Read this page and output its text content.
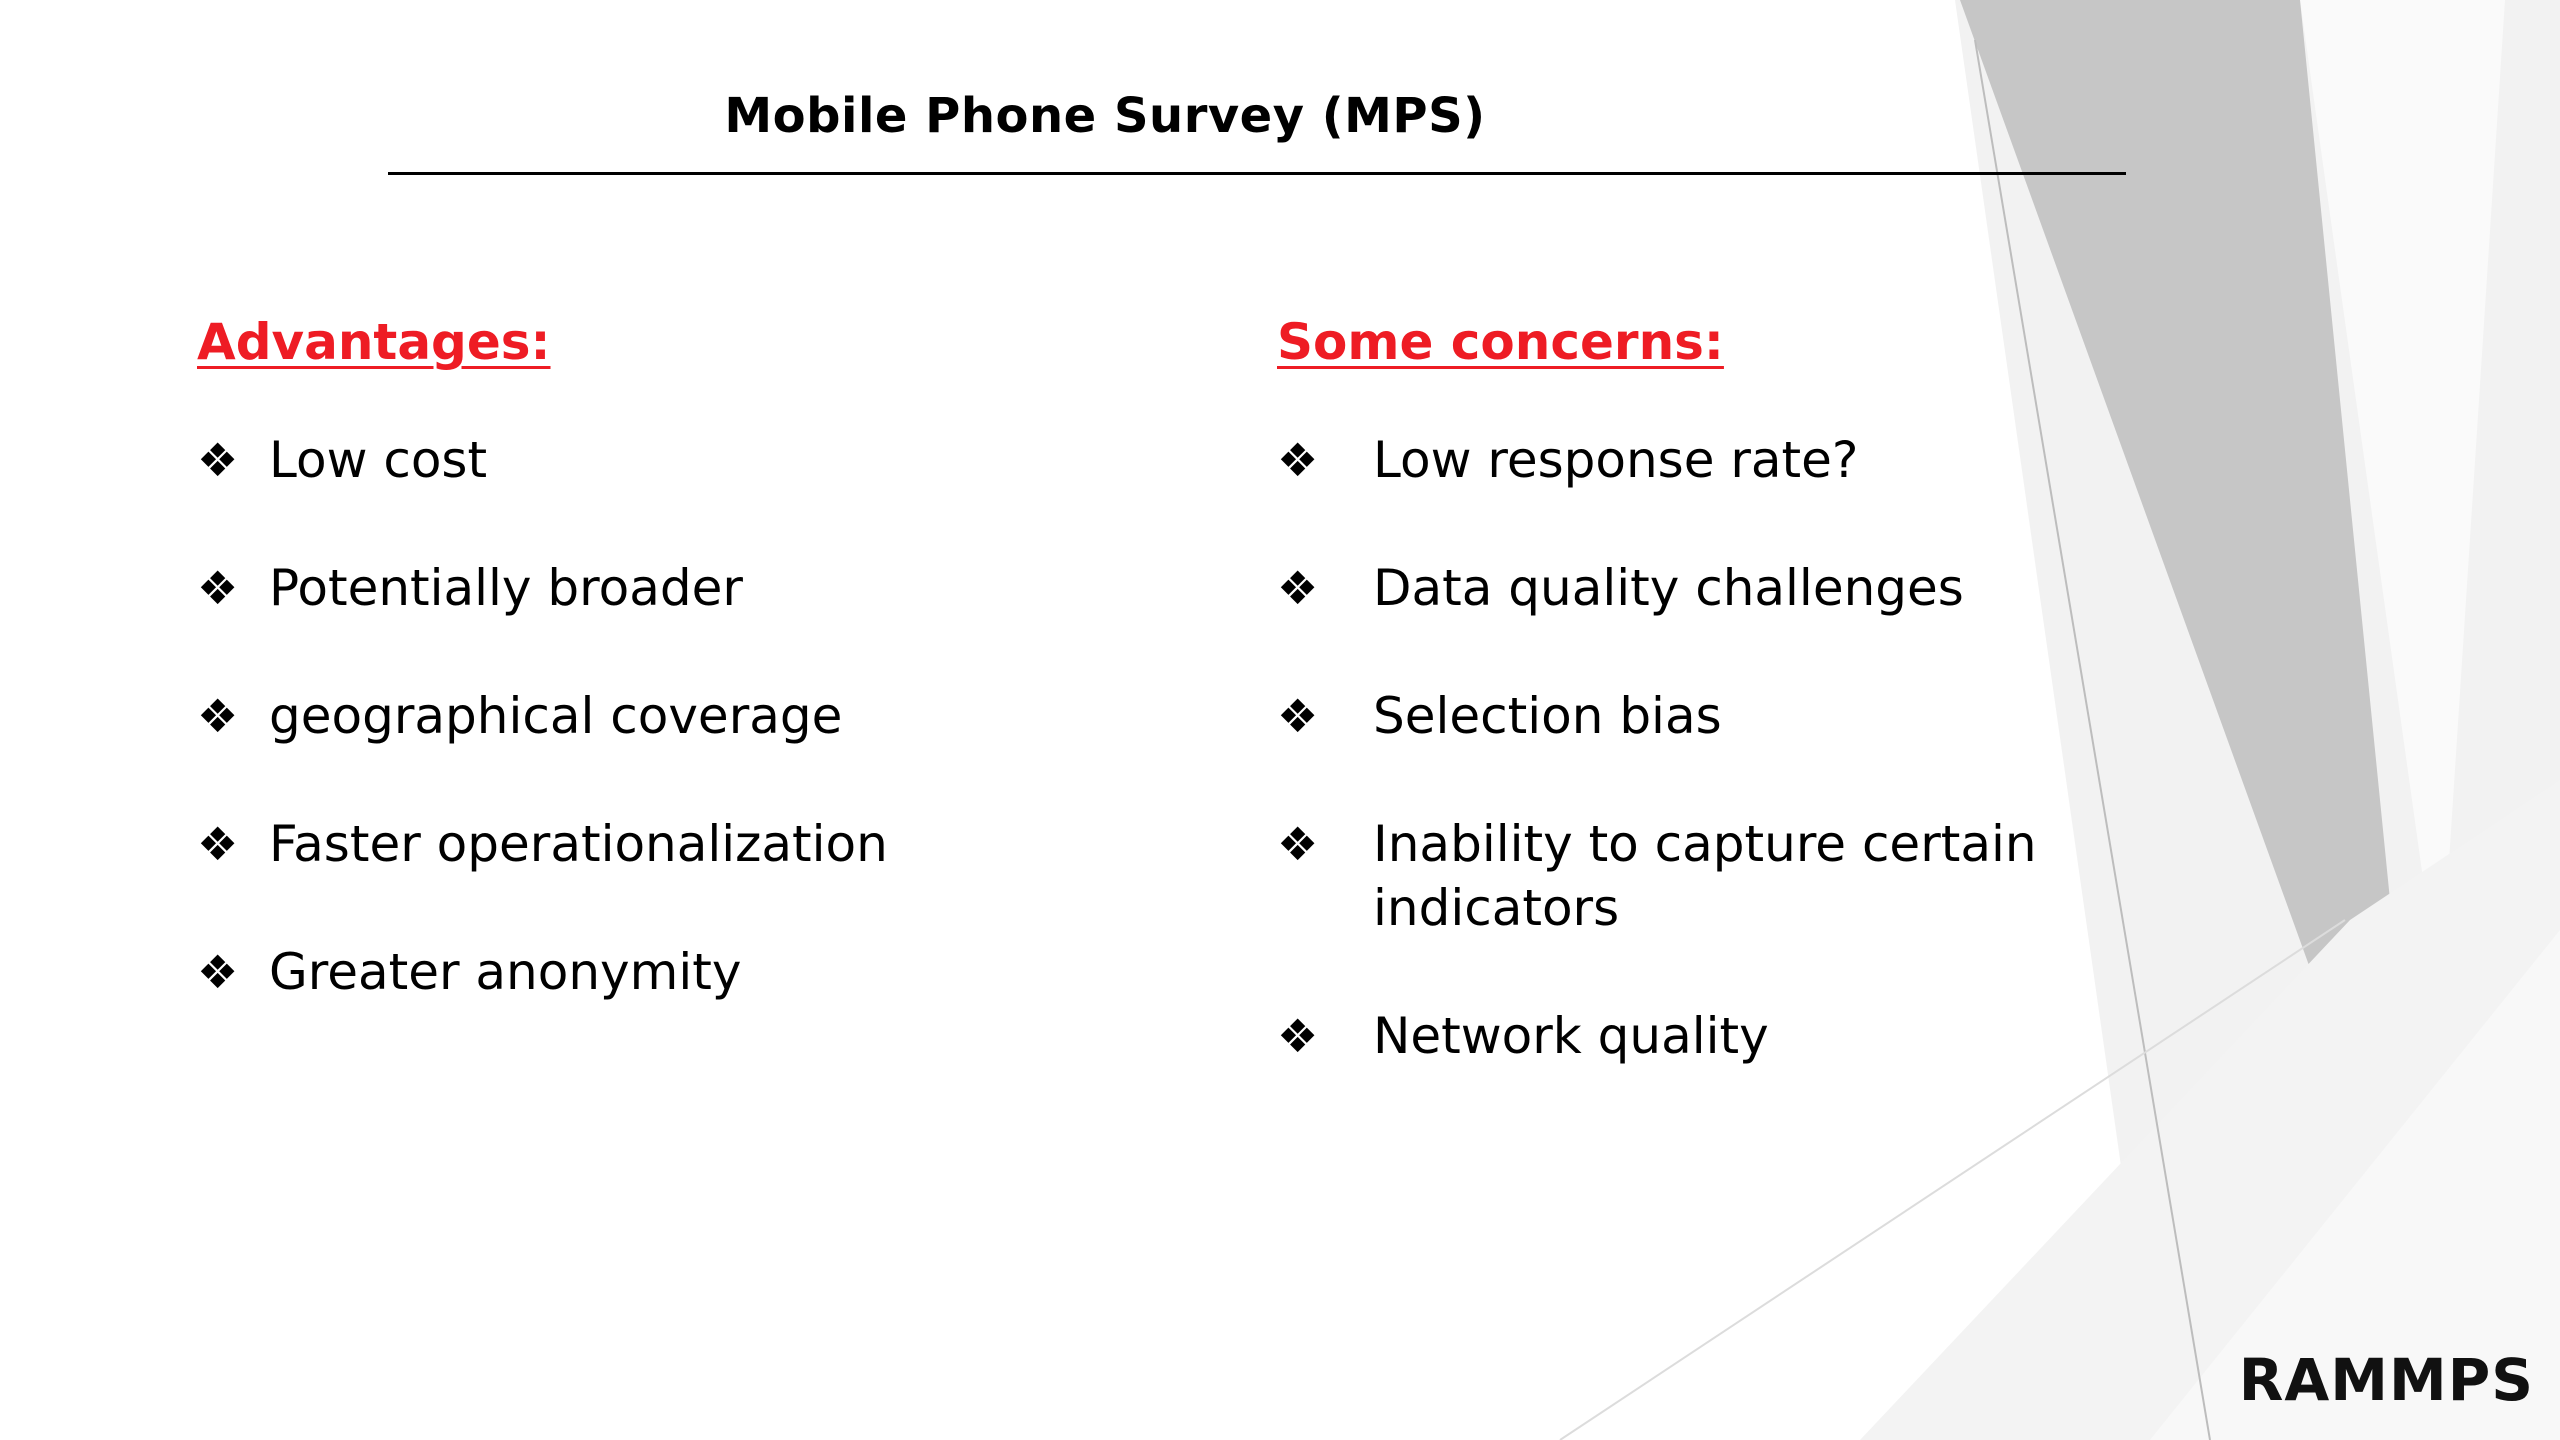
Mobile Phone Survey (MPS)
Advantages:
❖ Low cost
❖ Potentially broader
❖ geographical coverage
❖ Faster operationalization
❖ Greater anonymity
Some concerns:
❖ Low response rate?
❖ Data quality challenges
❖ Selection bias
❖ Inability to capture certain indicators
❖ Network quality
RAMMPS
